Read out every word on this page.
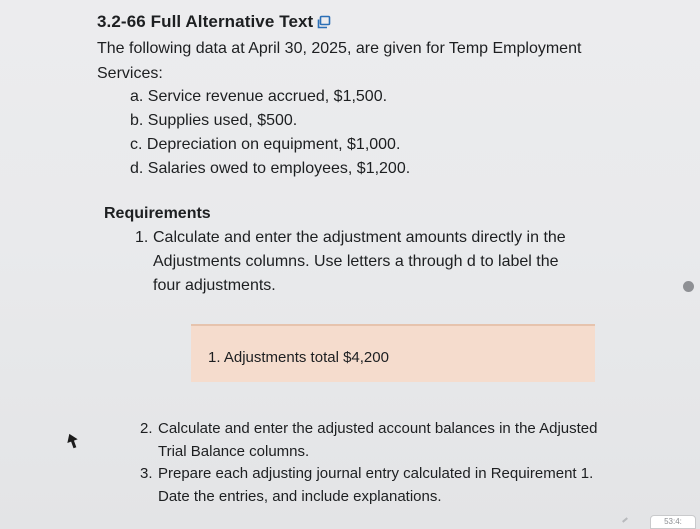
3.2-66 Full Alternative Text
The following data at April 30, 2025, are given for Temp Employment Services:
a. Service revenue accrued, $1,500.
b. Supplies used, $500.
c. Depreciation on equipment, $1,000.
d. Salaries owed to employees, $1,200.
Requirements
1. Calculate and enter the adjustment amounts directly in the Adjustments columns. Use letters a through d to label the four adjustments.
1. Adjustments total $4,200
2. Calculate and enter the adjusted account balances in the Adjusted Trial Balance columns.
3. Prepare each adjusting journal entry calculated in Requirement 1. Date the entries, and include explanations.
53:4:
